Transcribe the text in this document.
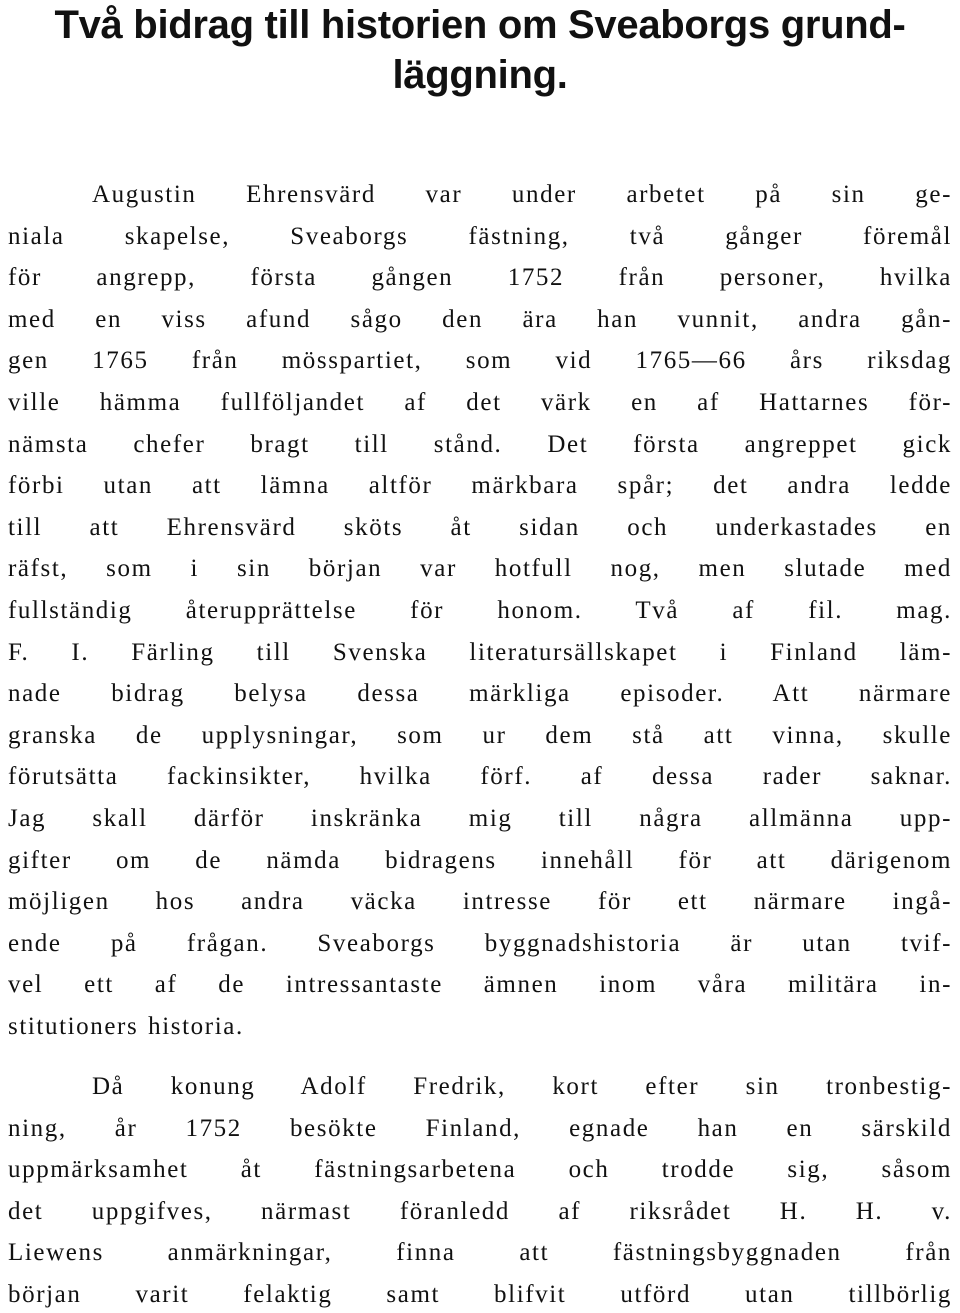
Två bidrag till historien om Sveaborgs grund-
läggning.
Augustin Ehrensvärd var under arbetet på sin ge-
niala skapelse, Sveaborgs fästning, två gånger föremål
för angrepp, första gången 1752 från personer, hvilka
med en viss afund sågo den ära han vunnit, andra gån-
gen 1765 från mösspartiet, som vid 1765—66 års riksdag
ville hämma fullföljandet af det värk en af Hattarnes för-
nämsta chefer bragt till stånd. Det första angreppet gick
förbi utan att lämna altför märkbara spår; det andra ledde
till att Ehrensvärd sköts åt sidan och underkastades en
räfst, som i sin början var hotfull nog, men slutade med
fullständig återupprättelse för honom. Två af fil. mag.
F. I. Färling till Svenska literatursällskapet i Finland läm-
nade bidrag belysa dessa märkliga episoder. Att närmare
granska de upplysningar, som ur dem stå att vinna, skulle
förutsätta fackinsikter, hvilka förf. af dessa rader saknar.
Jag skall därför inskränka mig till några allmänna upp-
gifter om de nämda bidragens innehåll för att därigenom
möjligen hos andra väcka intresse för ett närmare ingå-
ende på frågan. Sveaborgs byggnadshistoria är utan tvif-
vel ett af de intressantaste ämnen inom våra militära in-
stitutioners historia.
Då konung Adolf Fredrik, kort efter sin tronbestig-
ning, år 1752 besökte Finland, egnade han en särskild
uppmärksamhet åt fästningsarbetena och trodde sig, såsom
det uppgifves, närmast föranledd af riksrådet H. H. v.
Liewens anmärkningar, finna att fästningsbyggnaden från
början varit felaktig samt blifvit utförd utan tillbörlig
